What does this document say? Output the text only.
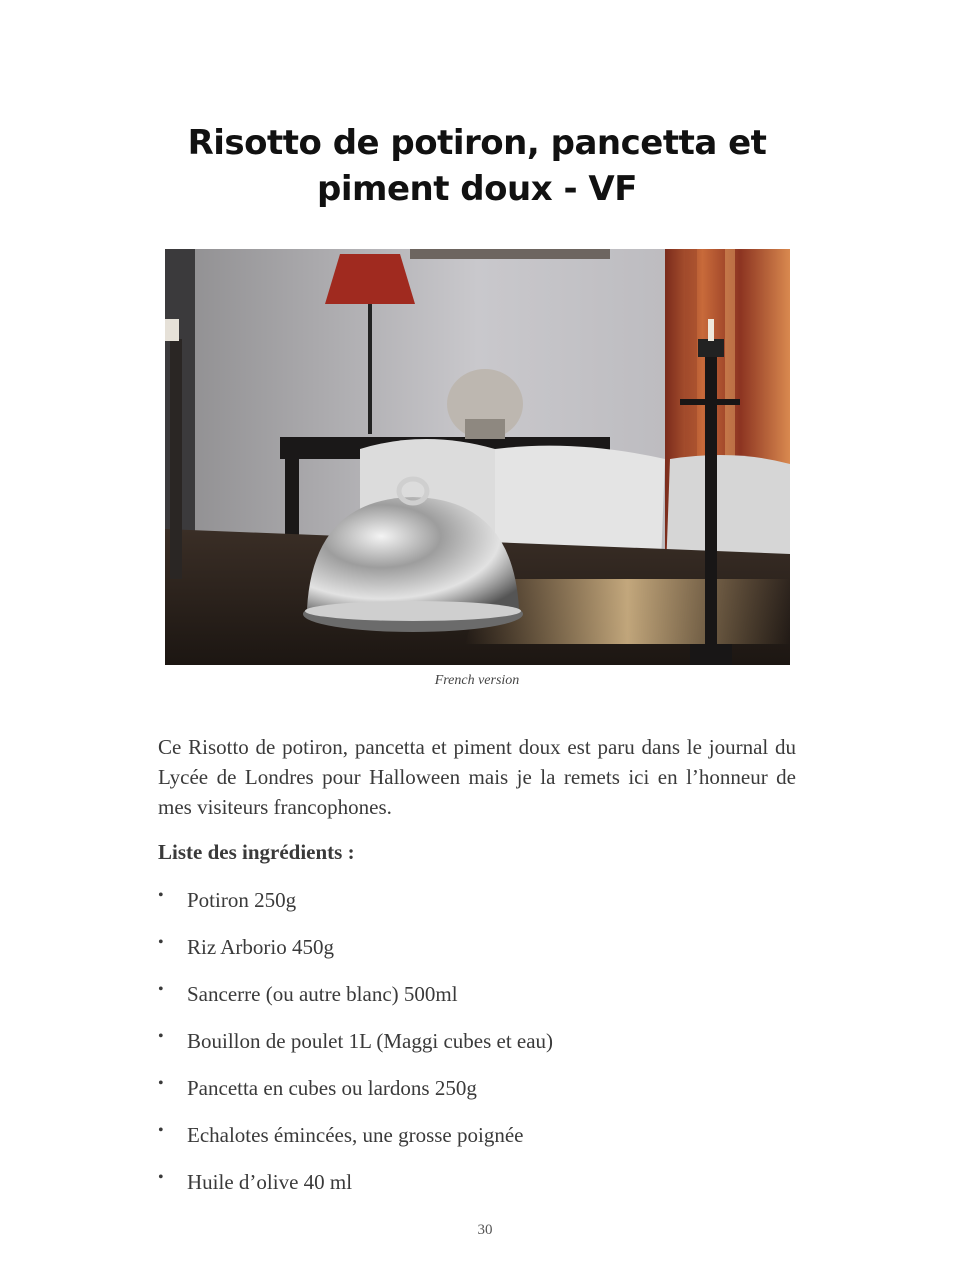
Risotto de potiron, pancetta et piment doux - VF
French version

Ce Risotto de potiron, pancetta et piment doux est paru dans le journal du Lycée de Londres pour Halloween mais je la remets ici en l’honneur de mes visiteurs francophones.

Liste des ingrédients :

• Potiron 250g
• Riz Arborio 450g
• Sancerre (ou autre blanc) 500ml
• Bouillon de poulet 1L (Maggi cubes et eau)
• Pancetta en cubes ou lardons 250g
• Echalotes émincées, une grosse poignée
• Huile d’olive 40 ml
30
